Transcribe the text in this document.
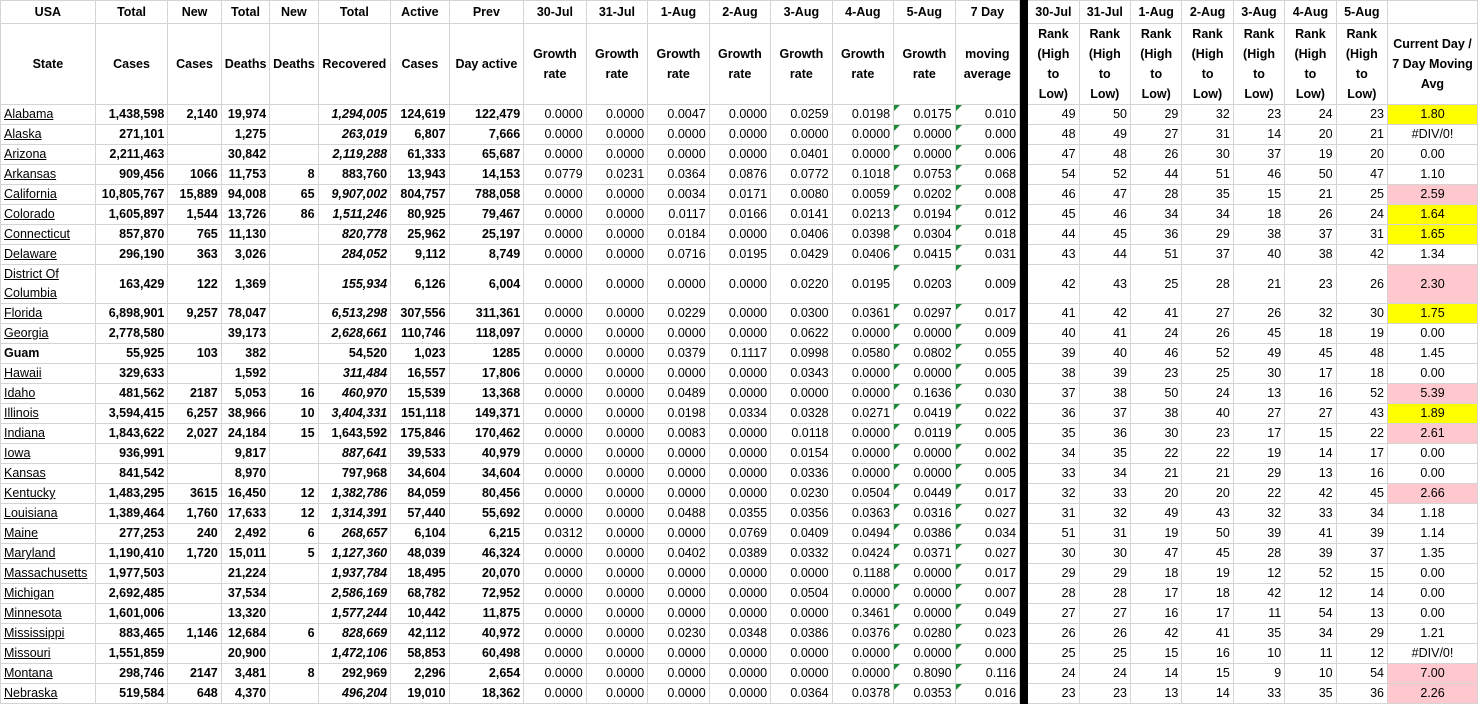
USA	Total	New	Total	New	Total	Active	Prev	30-Jul	31-Jul	1-Aug	2-Aug	3-Aug	4-Aug	5-Aug	7 Day		30-Jul	31-Jul	1-Aug	2-Aug	3-Aug	4-Aug	5-Aug	
State	Cases	Cases	Deaths	Deaths	Recovered	Cases	Day active	Growth rate	Growth rate	Growth rate	Growth rate	Growth rate	Growth rate	Growth rate	moving average		Rank (High to Low)	Rank (High to Low)	Rank (High to Low)	Rank (High to Low)	Rank (High to Low)	Rank (High to Low)	Rank (High to Low)	Current Day / 7 Day Moving Avg
Alabama	1,438,598	2,140	19,974		1,294,005	124,619	122,479	0.0000	0.0000	0.0047	0.0000	0.0259	0.0198	0.0175	0.010		49	50	29	32	23	24	23	1.80
Alaska	271,101		1,275		263,019	6,807	7,666	0.0000	0.0000	0.0000	0.0000	0.0000	0.0000	0.0000	0.000		48	49	27	31	14	20	21	#DIV/0!
Arizona	2,211,463		30,842		2,119,288	61,333	65,687	0.0000	0.0000	0.0000	0.0000	0.0401	0.0000	0.0000	0.006		47	48	26	30	37	19	20	0.00
Arkansas	909,456	1066	11,753	8	883,760	13,943	14,153	0.0779	0.0231	0.0364	0.0876	0.0772	0.1018	0.0753	0.068		54	52	44	51	46	50	47	1.10
California	10,805,767	15,889	94,008	65	9,907,002	804,757	788,058	0.0000	0.0000	0.0034	0.0171	0.0080	0.0059	0.0202	0.008		46	47	28	35	15	21	25	2.59
Colorado	1,605,897	1,544	13,726	86	1,511,246	80,925	79,467	0.0000	0.0000	0.0117	0.0166	0.0141	0.0213	0.0194	0.012		45	46	34	34	18	26	24	1.64
Connecticut	857,870	765	11,130		820,778	25,962	25,197	0.0000	0.0000	0.0184	0.0000	0.0406	0.0398	0.0304	0.018		44	45	36	29	38	37	31	1.65
Delaware	296,190	363	3,026		284,052	9,112	8,749	0.0000	0.0000	0.0716	0.0195	0.0429	0.0406	0.0415	0.031		43	44	51	37	40	38	42	1.34
District Of Columbia	163,429	122	1,369		155,934	6,126	6,004	0.0000	0.0000	0.0000	0.0000	0.0220	0.0195	0.0203	0.009		42	43	25	28	21	23	26	2.30
Florida	6,898,901	9,257	78,047		6,513,298	307,556	311,361	0.0000	0.0000	0.0229	0.0000	0.0300	0.0361	0.0297	0.017		41	42	41	27	26	32	30	1.75
Georgia	2,778,580		39,173		2,628,661	110,746	118,097	0.0000	0.0000	0.0000	0.0000	0.0622	0.0000	0.0000	0.009		40	41	24	26	45	18	19	0.00
Guam	55,925	103	382		54,520	1,023	1285	0.0000	0.0000	0.0379	0.1117	0.0998	0.0580	0.0802	0.055		39	40	46	52	49	45	48	1.45
Hawaii	329,633		1,592		311,484	16,557	17,806	0.0000	0.0000	0.0000	0.0000	0.0343	0.0000	0.0000	0.005		38	39	23	25	30	17	18	0.00
Idaho	481,562	2187	5,053	16	460,970	15,539	13,368	0.0000	0.0000	0.0489	0.0000	0.0000	0.0000	0.1636	0.030		37	38	50	24	13	16	52	5.39
Illinois	3,594,415	6,257	38,966	10	3,404,331	151,118	149,371	0.0000	0.0000	0.0198	0.0334	0.0328	0.0271	0.0419	0.022		36	37	38	40	27	27	43	1.89
Indiana	1,843,622	2,027	24,184	15	1,643,592	175,846	170,462	0.0000	0.0000	0.0083	0.0000	0.0118	0.0000	0.0119	0.005		35	36	30	23	17	15	22	2.61
Iowa	936,991		9,817		887,641	39,533	40,979	0.0000	0.0000	0.0000	0.0000	0.0154	0.0000	0.0000	0.002		34	35	22	22	19	14	17	0.00
Kansas	841,542		8,970		797,968	34,604	34,604	0.0000	0.0000	0.0000	0.0000	0.0336	0.0000	0.0000	0.005		33	34	21	21	29	13	16	0.00
Kentucky	1,483,295	3615	16,450	12	1,382,786	84,059	80,456	0.0000	0.0000	0.0000	0.0000	0.0230	0.0504	0.0449	0.017		32	33	20	20	22	42	45	2.66
Louisiana	1,389,464	1,760	17,633	12	1,314,391	57,440	55,692	0.0000	0.0000	0.0488	0.0355	0.0356	0.0363	0.0316	0.027		31	32	49	43	32	33	34	1.18
Maine	277,253	240	2,492	6	268,657	6,104	6,215	0.0312	0.0000	0.0000	0.0769	0.0409	0.0494	0.0386	0.034		51	31	19	50	39	41	39	1.14
Maryland	1,190,410	1,720	15,011	5	1,127,360	48,039	46,324	0.0000	0.0000	0.0402	0.0389	0.0332	0.0424	0.0371	0.027		30	30	47	45	28	39	37	1.35
Massachusetts	1,977,503		21,224		1,937,784	18,495	20,070	0.0000	0.0000	0.0000	0.0000	0.0000	0.1188	0.0000	0.017		29	29	18	19	12	52	15	0.00
Michigan	2,692,485		37,534		2,586,169	68,782	72,952	0.0000	0.0000	0.0000	0.0000	0.0504	0.0000	0.0000	0.007		28	28	17	18	42	12	14	0.00
Minnesota	1,601,006		13,320		1,577,244	10,442	11,875	0.0000	0.0000	0.0000	0.0000	0.0000	0.3461	0.0000	0.049		27	27	16	17	11	54	13	0.00
Mississippi	883,465	1,146	12,684	6	828,669	42,112	40,972	0.0000	0.0000	0.0230	0.0348	0.0386	0.0376	0.0280	0.023		26	26	42	41	35	34	29	1.21
Missouri	1,551,859		20,900		1,472,106	58,853	60,498	0.0000	0.0000	0.0000	0.0000	0.0000	0.0000	0.0000	0.000		25	25	15	16	10	11	12	#DIV/0!
Montana	298,746	2147	3,481	8	292,969	2,296	2,654	0.0000	0.0000	0.0000	0.0000	0.0000	0.0000	0.8090	0.116		24	24	14	15	9	10	54	7.00
Nebraska	519,584	648	4,370		496,204	19,010	18,362	0.0000	0.0000	0.0000	0.0000	0.0364	0.0378	0.0353	0.016		23	23	13	14	33	35	36	2.26
